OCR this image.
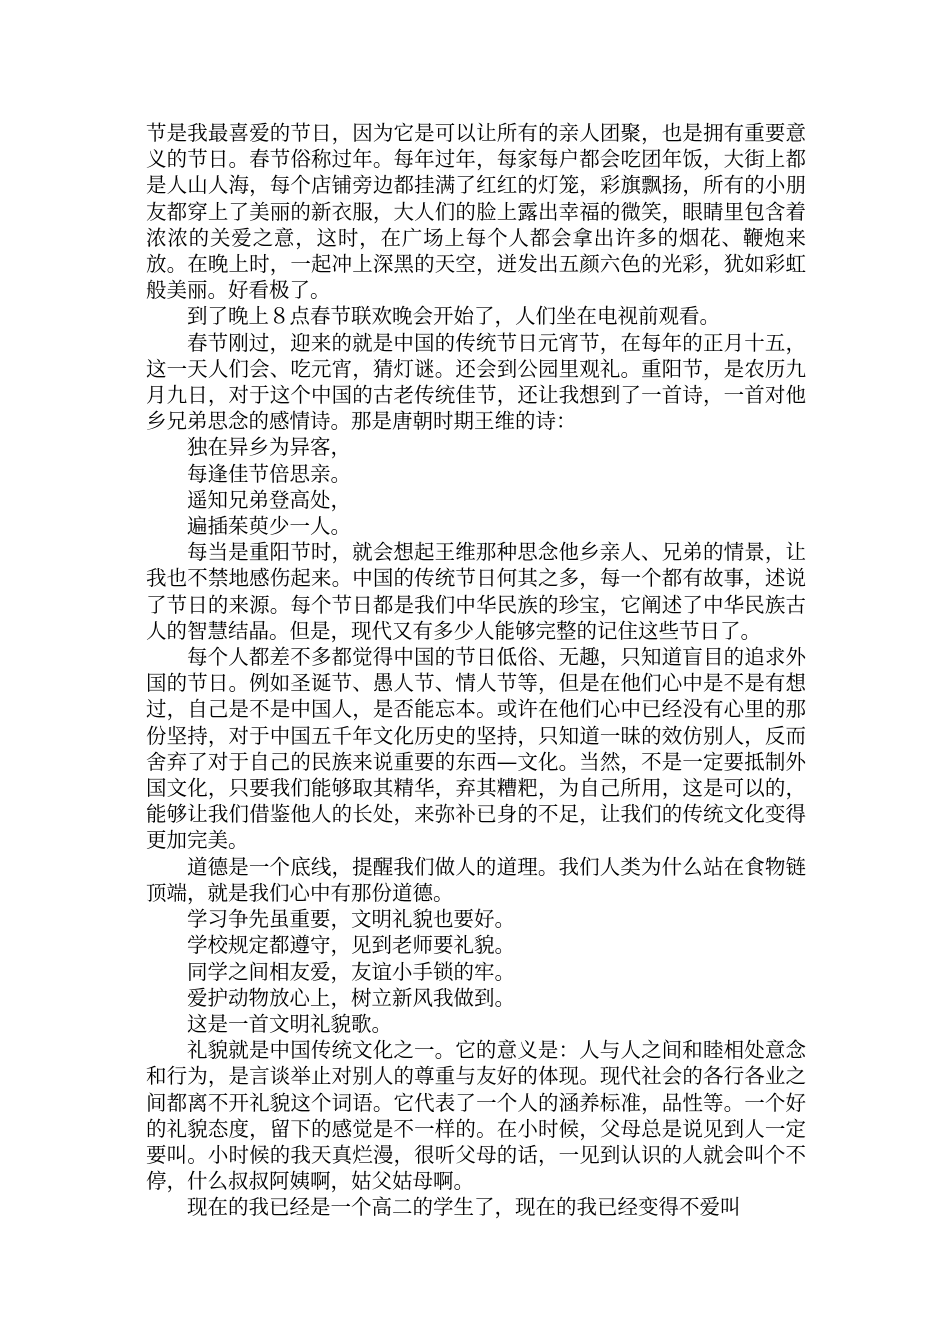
节是我最喜爱的节日，因为它是可以让所有的亲人团聚，也是拥有重要意义的节日。春节俗称过年。每年过年，每家每户都会吃团年饭，大街上都是人山人海，每个店铺旁边都挂满了红红的灯笼，彩旗飘扬，所有的小朋友都穿上了美丽的新衣服，大人们的脸上露出幸福的微笑，眼睛里包含着浓浓的关爱之意，这时，在广场上每个人都会拿出许多的烟花、鞭炮来放。在晚上时，一起冲上深黑的天空，迸发出五颜六色的光彩，犹如彩虹般美丽。好看极了。

到了晚上８点春节联欢晚会开始了，人们坐在电视前观看。

春节刚过，迎来的就是中国的传统节日元宵节，在每年的正月十五，这一天人们会、吃元宵，猜灯谜。还会到公园里观礼。重阳节，是农历九月九日，对于这个中国的古老传统佳节，还让我想到了一首诗，一首对他乡兄弟思念的感情诗。那是唐朝时期王维的诗：

独在异乡为异客，

每逢佳节倍思亲。

遥知兄弟登高处，

遍插茱萸少一人。

每当是重阳节时，就会想起王维那种思念他乡亲人、兄弟的情景，让我也不禁地感伤起来。中国的传统节日何其之多，每一个都有故事，述说了节日的来源。每个节日都是我们中华民族的珍宝，它阐述了中华民族古人的智慧结晶。但是，现代又有多少人能够完整的记住这些节日了。

每个人都差不多都觉得中国的节日低俗、无趣，只知道盲目的追求外国的节日。例如圣诞节、愚人节、情人节等，但是在他们心中是不是有想过，自己是不是中国人，是否能忘本。或许在他们心中已经没有心里的那份坚持，对于中国五千年文化历史的坚持，只知道一昧的效仿别人，反而舍弃了对于自己的民族来说重要的东西—文化。当然，不是一定要抵制外国文化，只要我们能够取其精华，弃其糟粑，为自己所用，这是可以的，能够让我们借鉴他人的长处，来弥补已身的不足，让我们的传统文化变得更加完美。

道德是一个底线，提醒我们做人的道理。我们人类为什么站在食物链顶端，就是我们心中有那份道德。

学习争先虽重要，文明礼貌也要好。

学校规定都遵守，见到老师要礼貌。

同学之间相友爱，友谊小手锁的牢。

爱护动物放心上，树立新风我做到。

这是一首文明礼貌歌。

礼貌就是中国传统文化之一。它的意义是：人与人之间和睦相处意念和行为，是言谈举止对别人的尊重与友好的体现。现代社会的各行各业之间都离不开礼貌这个词语。它代表了一个人的涵养标准，品性等。一个好的礼貌态度，留下的感觉是不一样的。在小时候，父母总是说见到人一定要叫。小时候的我天真烂漫，很听父母的话，一见到认识的人就会叫个不停，什么叔叔阿姨啊，姑父姑母啊。

现在的我已经是一个高二的学生了，现在的我已经变得不爱叫
